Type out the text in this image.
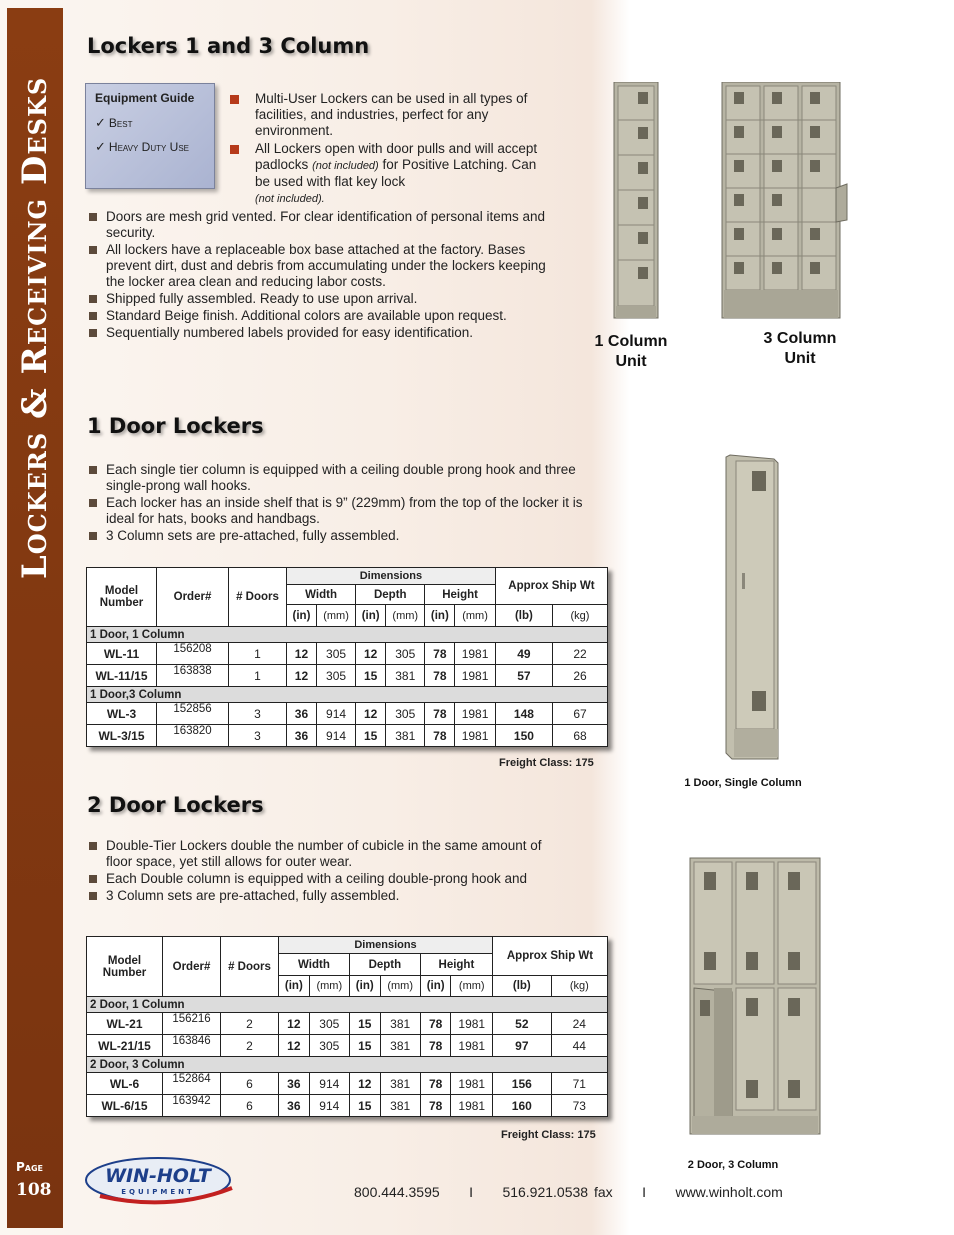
Lockers & Receiving Desks
Page
108
Lockers 1 and 3 Column
Equipment Guide
✓ Best
✓ Heavy Duty Use
Multi-User Lockers can be used in all types of facilities, and industries, perfect for any environment.
All Lockers open with door pulls and will accept padlocks (not included) for Positive Latching. Can be used with flat key lock
(not included).
Doors are mesh grid vented. For clear identification of personal items and security.
All lockers have a replaceable box base attached at the factory. Bases prevent dirt, dust and debris from accumulating under the lockers keeping the locker area clean and reducing labor costs.
Shipped fully assembled. Ready to use upon arrival.
Standard Beige finish. Additional colors are available upon request.
Sequentially numbered labels provided for easy identification.
1 Column Unit
3 Column Unit
1 Door Lockers
Each single tier column is equipped with a ceiling double prong hook and three single-prong wall hooks.
Each locker has an inside shelf that is 9” (229mm) from the top of the locker it is ideal for hats, books and handbags.
3 Column sets are pre-attached, fully assembled.
Model Number	Order#	# Doors	Dimensions						Approx Ship Wt	
			Width		Depth		Height			
			(in)	(mm)	(in)	(mm)	(in)	(mm)	(lb)	(kg)
1 Door, 1 Column										
WL-11	156208	1	12	305	12	305	78	1981	49	22
WL-11/15	163838	1	12	305	15	381	78	1981	57	26
1 Door,3 Column										
WL-3	152856	3	36	914	12	305	78	1981	148	67
WL-3/15	163820	3	36	914	15	381	78	1981	150	68
Freight Class: 175
1 Door, Single Column
2 Door Lockers
Double-Tier Lockers double the number of cubicle in the same amount of floor space, yet still allows for outer wear.
Each Double column is equipped with a ceiling double-prong hook and
3 Column sets are pre-attached, fully assembled.
Model Number	Order#	# Doors	Dimensions						Approx Ship Wt	
			Width		Depth		Height			
			(in)	(mm)	(in)	(mm)	(in)	(mm)	(lb)	(kg)
2 Door, 1 Column										
WL-21	156216	2	12	305	15	381	78	1981	52	24
WL-21/15	163846	2	12	305	15	381	78	1981	97	44
2 Door, 3 Column										
WL-6	152864	6	36	914	12	381	78	1981	156	71
WL-6/15	163942	6	36	914	15	381	78	1981	160	73
Freight Class: 175
2 Door, 3 Column
WIN-HOLT
EQUIPMENT	800.444.3595 I 516.921.0538 fax I www.winholt.com
